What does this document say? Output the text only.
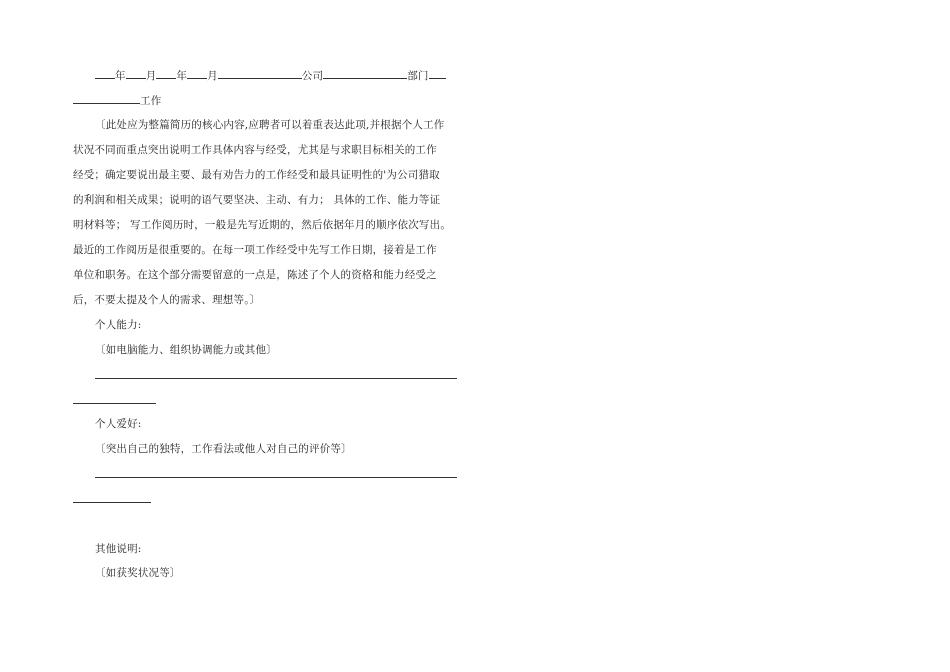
年 月 年 月	公司	部门
工作
〔此处应为整篇简历的核心内容,应聘者可以着重表达此项,并根据个人工作
状况不同而重点突出说明工作具体内容与经受，尤其是与求职目标相关的工作
经受；确定要说出最主要、最有劝告力的工作经受和最具证明性的'为公司猎取
的利润和相关成果；说明的语气要坚决、主动、有力； 具体的工作、能力等证
明材料等； 写工作阅历时，一般是先写近期的，然后依据年月的顺序依次写出。
最近的工作阅历是很重要的。在每一项工作经受中先写工作日期，接着是工作
单位和职务。在这个部分需要留意的一点是，陈述了个人的资格和能力经受之
后，不要太提及个人的需求、理想等。〕
个人能力:
〔如电脑能力、组织协调能力或其他〕
个人爱好:
〔突出自己的独特，工作看法或他人对自己的评价等〕
其他说明:
〔如获奖状况等〕
